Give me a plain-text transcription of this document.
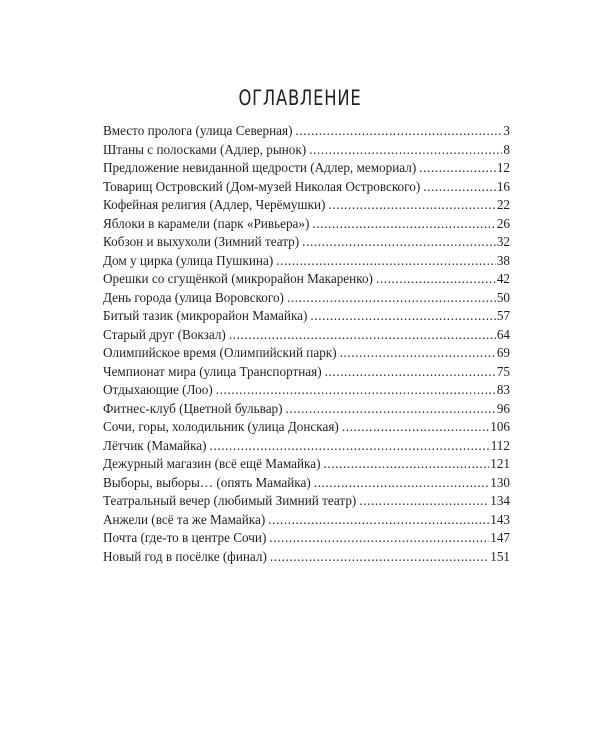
ОГЛАВЛЕНИЕ
Вместо пролога (улица Северная) .....	3
Штаны с полосками (Адлер, рынок) .....	8
Предложение невиданной щедрости (Адлер, мемориал) .....	12
Товарищ Островский (Дом-музей Николая Островского) .....	16
Кофейная религия (Адлер, Черёмушки) .....	22
Яблоки в карамели (парк «Ривьера») .....	26
Кобзон и выхухоли (Зимний театр) .....	32
Дом у цирка (улица Пушкина) .....	38
Орешки со сгущёнкой (микрорайон Макаренко) .....	42
День города (улица Воровского) .....	50
Битый тазик (микрорайон Мамайка) .....	57
Старый друг (Вокзал) .....	64
Олимпийское время (Олимпийский парк) .....	69
Чемпионат мира (улица Транспортная) .....	75
Отдыхающие (Лоо) .....	83
Фитнес-клуб (Цветной бульвар) .....	96
Сочи, горы, холодильник (улица Донская) .....	106
Лётчик (Мамайка) .....	112
Дежурный магазин (всё ещё Мамайка) .....	121
Выборы, выборы… (опять Мамайка) .....	130
Театральный вечер (любимый Зимний театр) .....	134
Анжели (всё та же Мамайка) .....	143
Почта (где-то в центре Сочи) .....	147
Новый год в посёлке (финал) .....	151
